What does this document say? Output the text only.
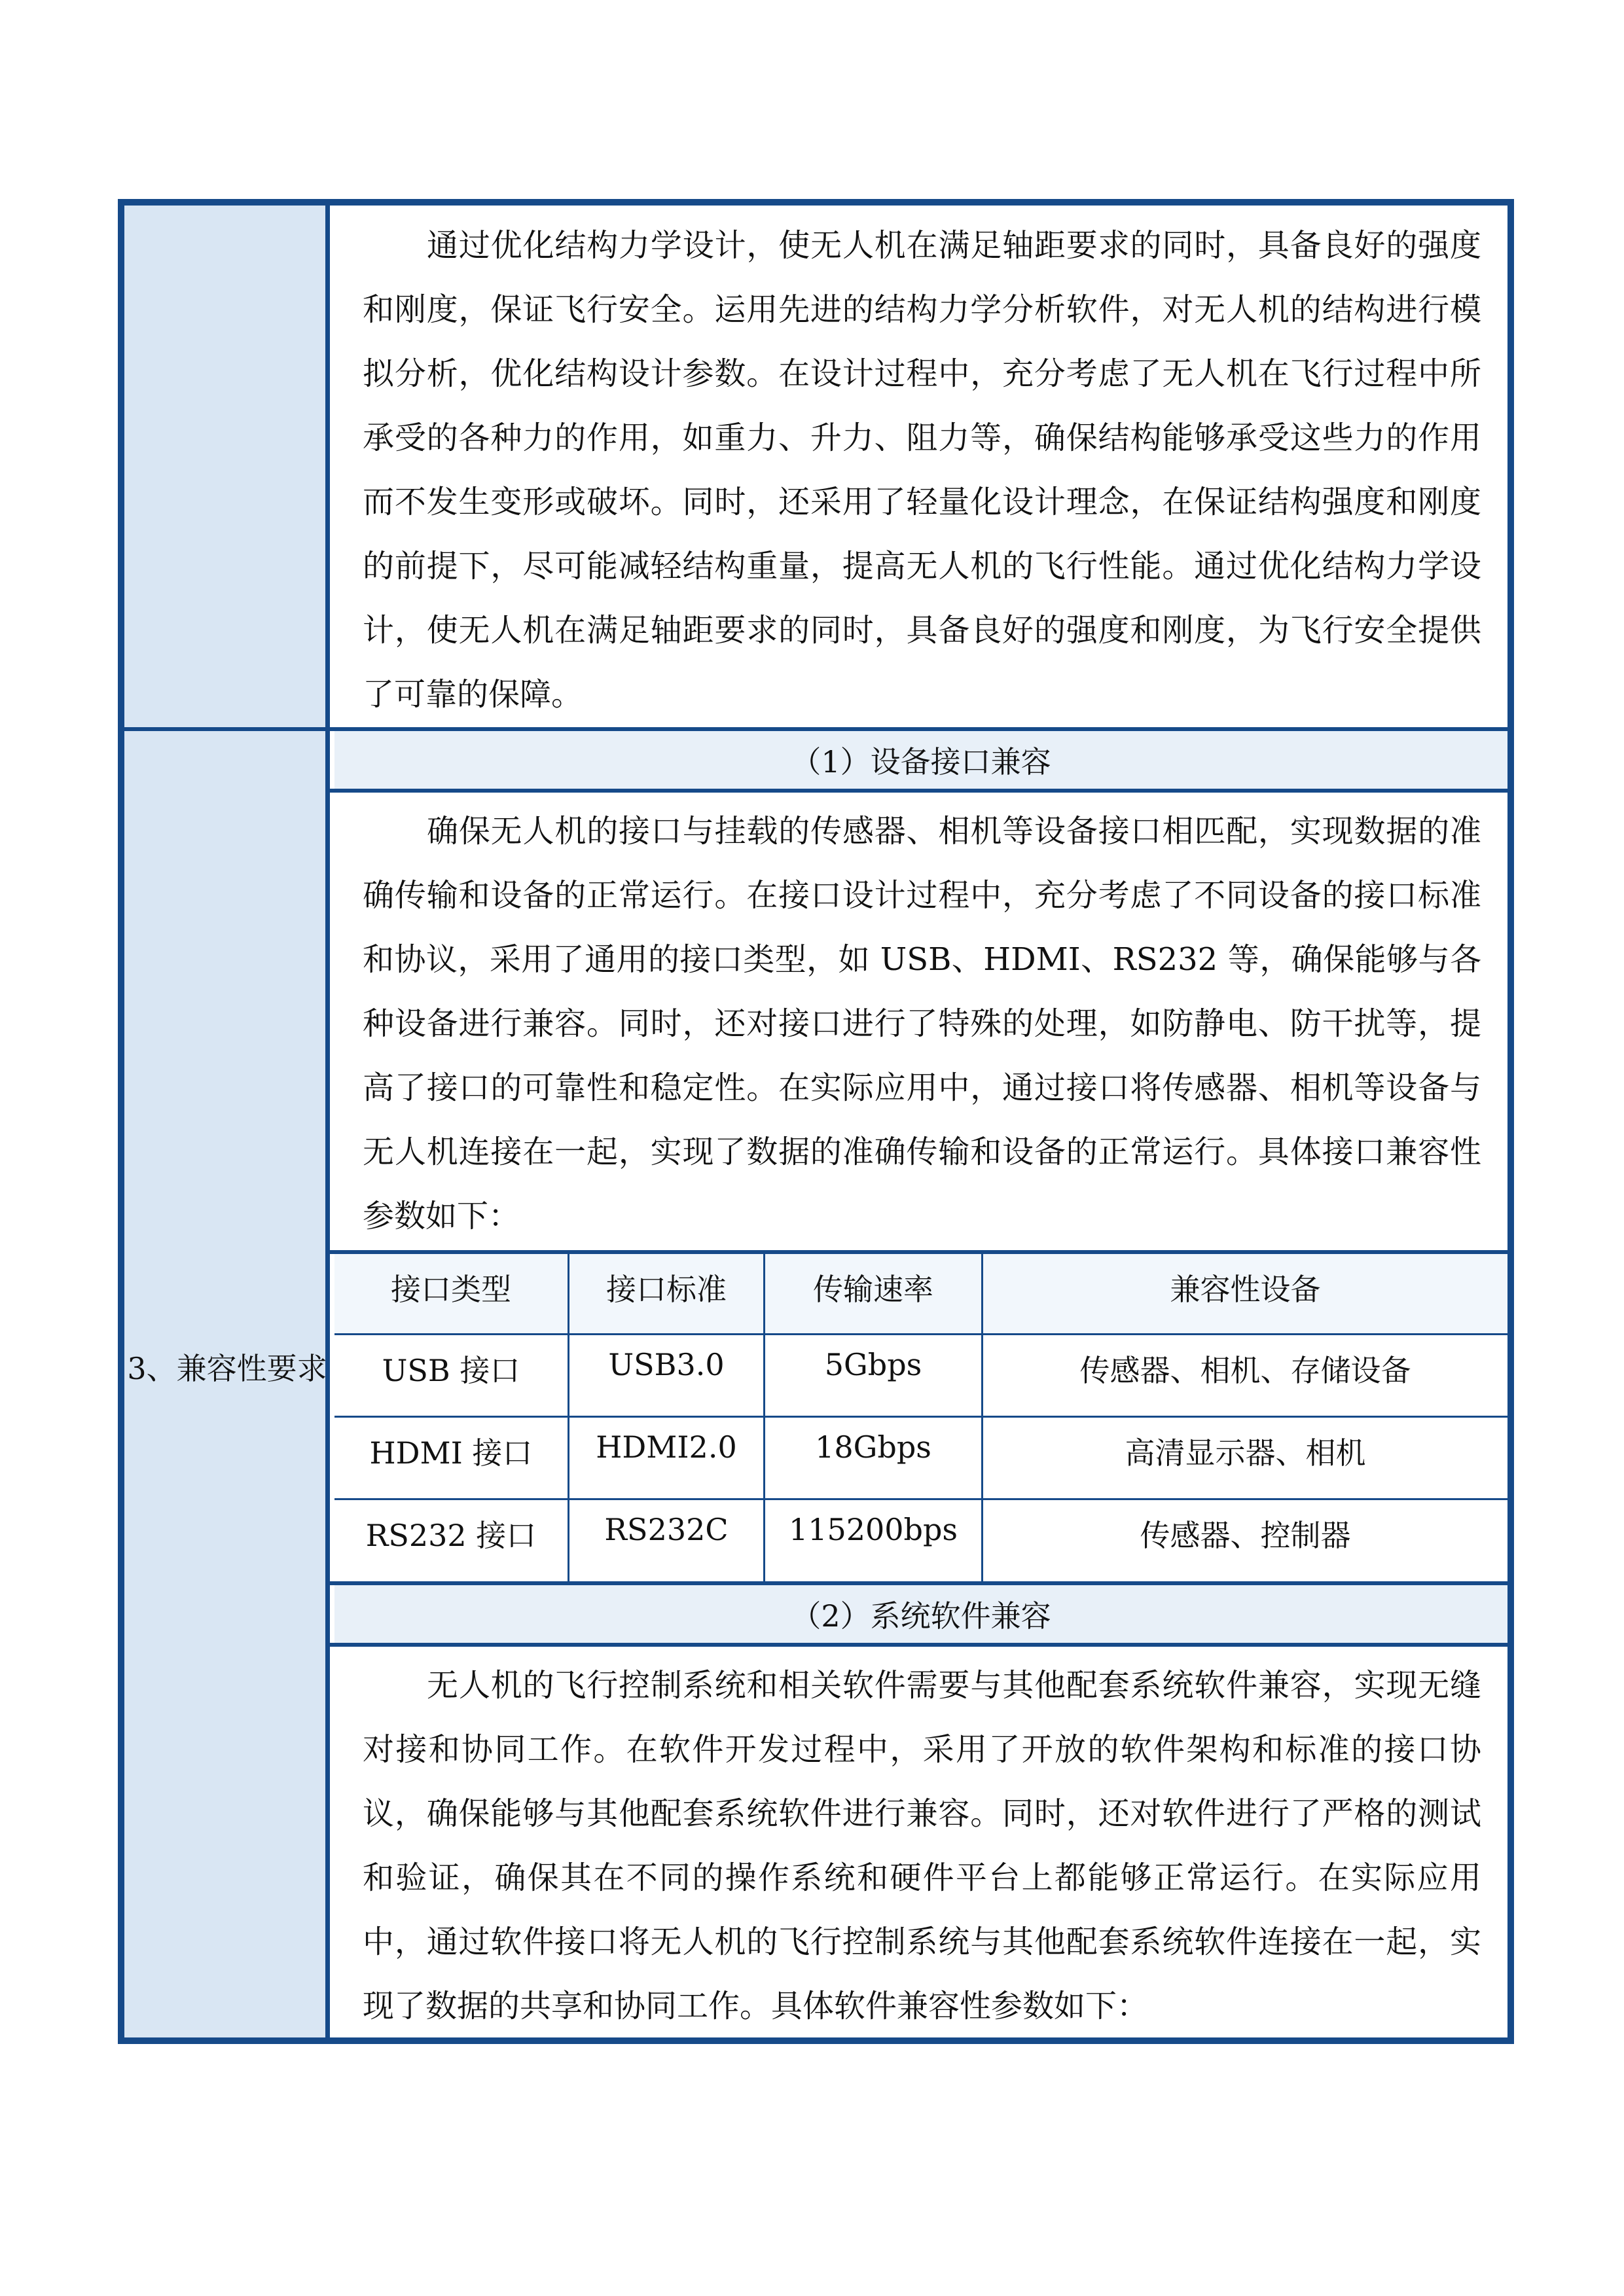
通过优化结构力学设计，使无人机在满足轴距要求的同时，具备良好的强度和刚度，保证飞行安全。运用先进的结构力学分析软件，对无人机的结构进行模拟分析，优化结构设计参数。在设计过程中，充分考虑了无人机在飞行过程中所承受的各种力的作用，如重力、升力、阻力等，确保结构能够承受这些力的作用而不发生变形或破坏。同时，还采用了轻量化设计理念，在保证结构强度和刚度的前提下，尽可能减轻结构重量，提高无人机的飞行性能。通过优化结构力学设计，使无人机在满足轴距要求的同时，具备良好的强度和刚度，为飞行安全提供了可靠的保障。
3、兼容性要求
（1）设备接口兼容
确保无人机的接口与挂载的传感器、相机等设备接口相匹配，实现数据的准确传输和设备的正常运行。在接口设计过程中，充分考虑了不同设备的接口标准和协议，采用了通用的接口类型，如 USB、HDMI、RS232 等，确保能够与各种设备进行兼容。同时，还对接口进行了特殊的处理，如防静电、防干扰等，提高了接口的可靠性和稳定性。在实际应用中，通过接口将传感器、相机等设备与无人机连接在一起，实现了数据的准确传输和设备的正常运行。具体接口兼容性参数如下：
接口类型	接口标准	传输速率	兼容性设备
USB 接口	USB3.0	5Gbps	传感器、相机、存储设备
HDMI 接口	HDMI2.0	18Gbps	高清显示器、相机
RS232 接口	RS232C	115200bps	传感器、控制器
（2）系统软件兼容
无人机的飞行控制系统和相关软件需要与其他配套系统软件兼容，实现无缝对接和协同工作。在软件开发过程中，采用了开放的软件架构和标准的接口协议，确保能够与其他配套系统软件进行兼容。同时，还对软件进行了严格的测试和验证，确保其在不同的操作系统和硬件平台上都能够正常运行。在实际应用中，通过软件接口将无人机的飞行控制系统与其他配套系统软件连接在一起，实现了数据的共享和协同工作。具体软件兼容性参数如下：
